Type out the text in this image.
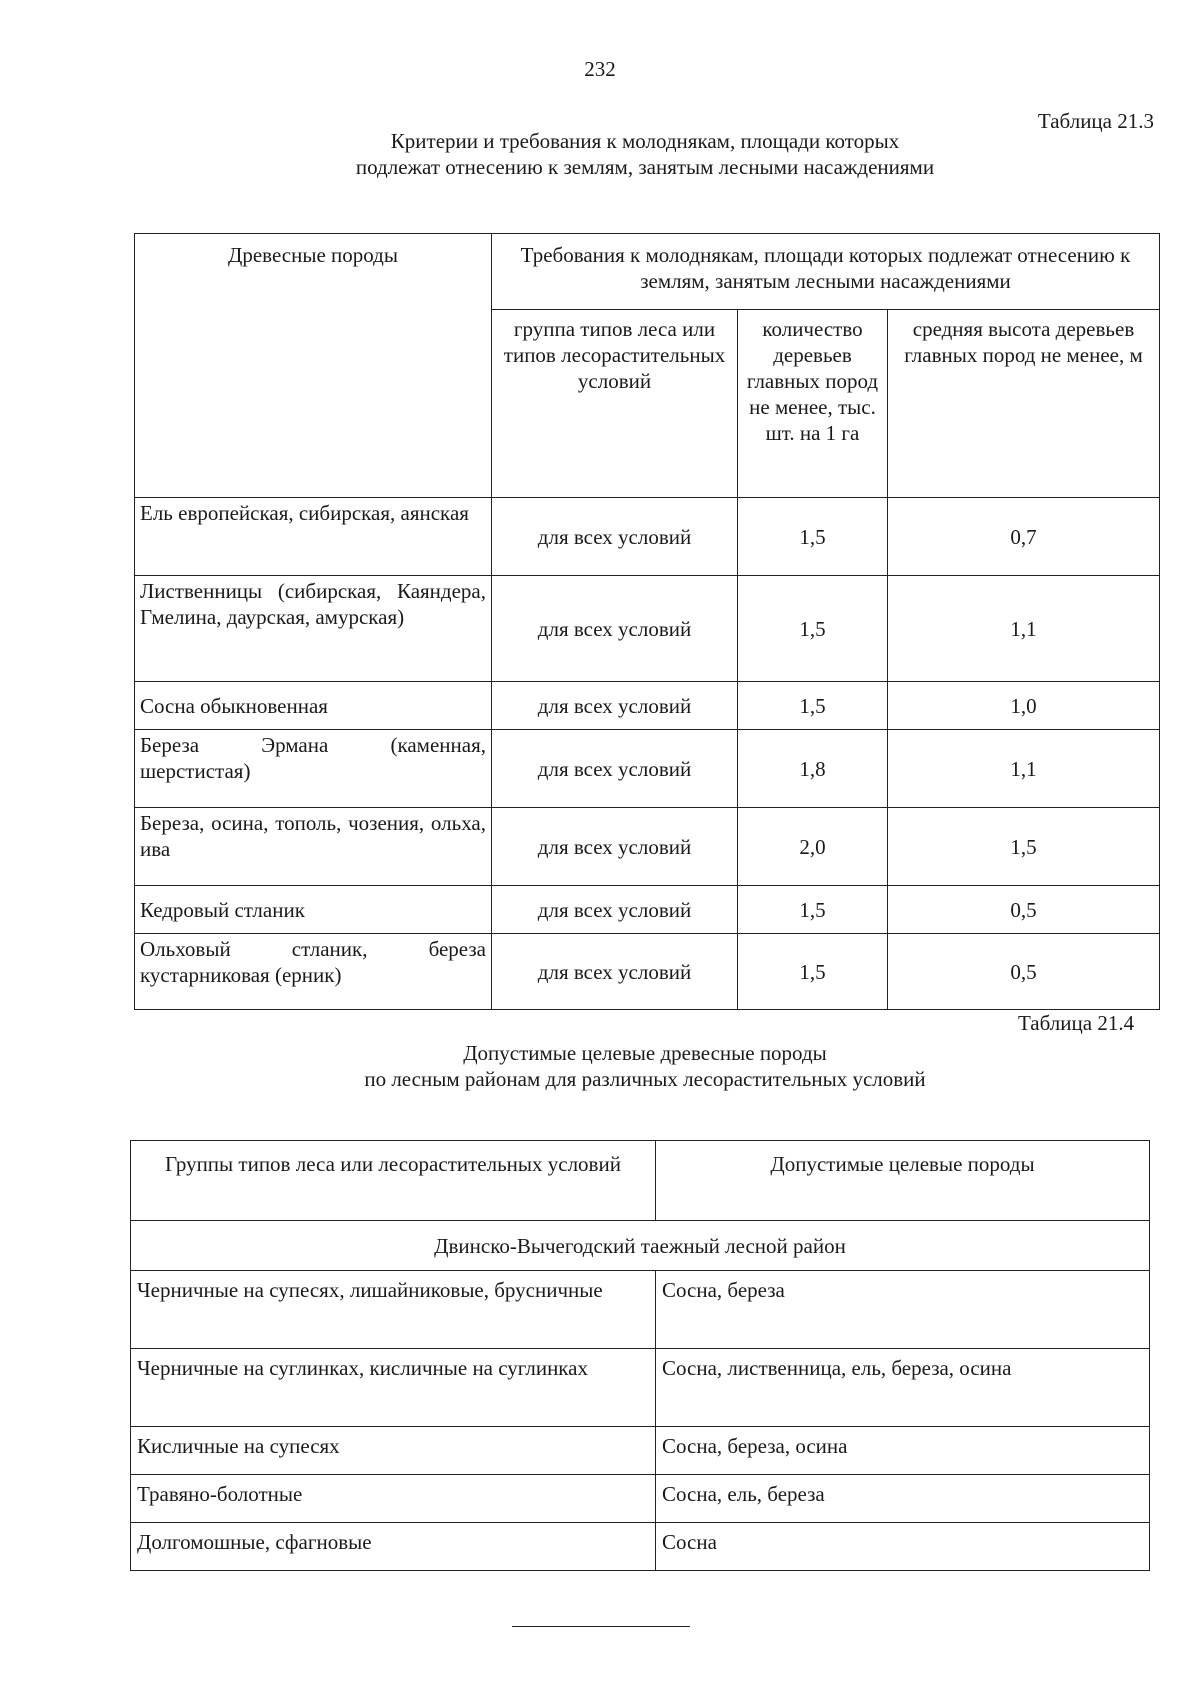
232
Таблица 21.3
Критерии и требования к молоднякам, площади которых
подлежат отнесению к землям, занятым лесными насаждениями
Древесные породы	Требования к молоднякам, площади которых подлежат отнесению к землям, занятым лесными насаждениями		
	группа типов леса или типов лесорастительных условий	количество деревьев главных пород не менее, тыс. шт. на 1 га	средняя высота деревьев главных пород не менее, м
Ель европейская, сибирская, аянская	для всех условий	1,5	0,7
Лиственницы (сибирская, Каяндера, Гмелина, даурская, амурская)	для всех условий	1,5	1,1
Сосна обыкновенная	для всех условий	1,5	1,0
Береза Эрмана (каменная, шерстистая)	для всех условий	1,8	1,1
Береза, осина, тополь, чозения, ольха, ива	для всех условий	2,0	1,5
Кедровый стланик	для всех условий	1,5	0,5
Ольховый стланик, береза кустарниковая (ерник)	для всех условий	1,5	0,5
Таблица 21.4
Допустимые целевые древесные породы
по лесным районам для различных лесорастительных условий
Группы типов леса или лесорастительных условий	Допустимые целевые породы
Двинско-Вычегодский таежный лесной район	
Черничные на супесях, лишайниковые, брусничные	Сосна, береза
Черничные на суглинках, кисличные на суглинках	Сосна, лиственница, ель, береза, осина
Кисличные на супесях	Сосна, береза, осина
Травяно-болотные	Сосна, ель, береза
Долгомошные, сфагновые	Сосна
